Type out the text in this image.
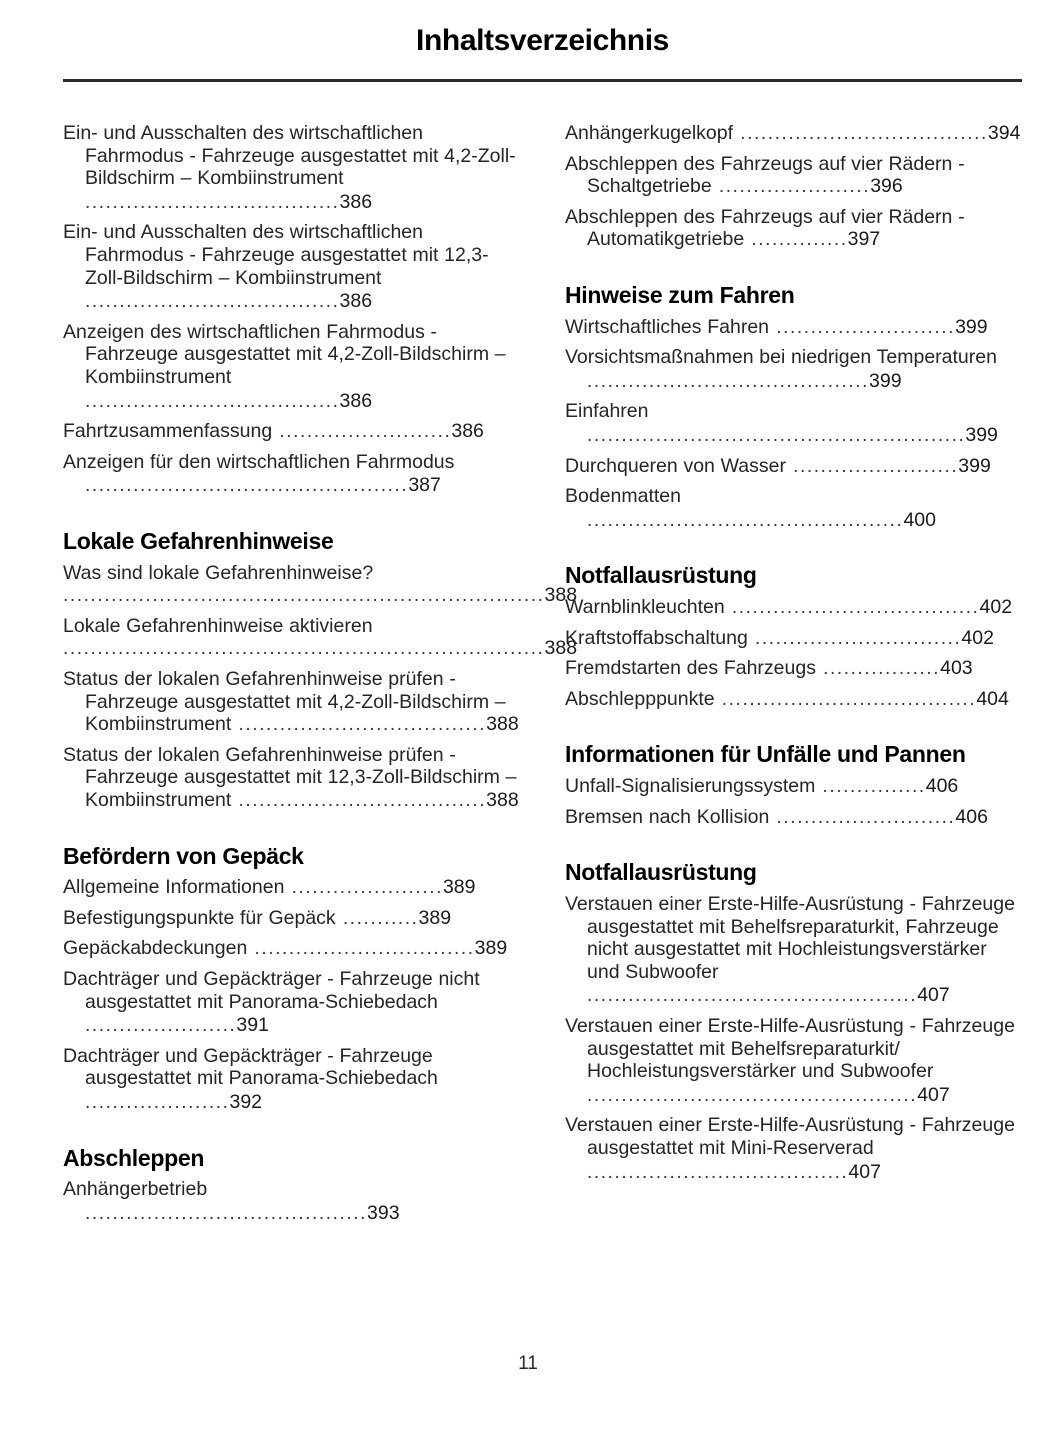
Inhaltsverzeichnis
Ein- und Ausschalten des wirtschaftlichen Fahrmodus - Fahrzeuge ausgestattet mit 4,2-Zoll-Bildschirm – Kombiinstrument .....................................386
Ein- und Ausschalten des wirtschaftlichen Fahrmodus - Fahrzeuge ausgestattet mit 12,3-Zoll-Bildschirm – Kombiinstrument .....................................386
Anzeigen des wirtschaftlichen Fahrmodus - Fahrzeuge ausgestattet mit 4,2-Zoll-Bildschirm – Kombiinstrument .....................................386
Fahrtzusammenfassung .........................386
Anzeigen für den wirtschaftlichen Fahrmodus ...............................................387
Lokale Gefahrenhinweise
Was sind lokale Gefahrenhinweise?
......................................................................388
Lokale Gefahrenhinweise aktivieren
......................................................................388
Status der lokalen Gefahrenhinweise prüfen - Fahrzeuge ausgestattet mit 4,2-Zoll-Bildschirm – Kombiinstrument ....................................388
Status der lokalen Gefahrenhinweise prüfen - Fahrzeuge ausgestattet mit 12,3-Zoll-Bildschirm – Kombiinstrument ....................................388
Befördern von Gepäck
Allgemeine Informationen ......................389
Befestigungspunkte für Gepäck ...........389
Gepäckabdeckungen ................................389
Dachträger und Gepäckträger - Fahrzeuge nicht ausgestattet mit Panorama-Schiebedach ......................391
Dachträger und Gepäckträger - Fahrzeuge ausgestattet mit Panorama-Schiebedach .....................392
Abschleppen
Anhängerbetrieb .........................................393
Anhängerkugelkopf ....................................394
Abschleppen des Fahrzeugs auf vier Rädern - Schaltgetriebe ......................396
Abschleppen des Fahrzeugs auf vier Rädern - Automatikgetriebe ..............397
Hinweise zum Fahren
Wirtschaftliches Fahren ..........................399
Vorsichtsmaßnahmen bei niedrigen Temperaturen .........................................399
Einfahren .......................................................399
Durchqueren von Wasser ........................399
Bodenmatten ..............................................400
Notfallausrüstung
Warnblinkleuchten ....................................402
Kraftstoffabschaltung ..............................402
Fremdstarten des Fahrzeugs .................403
Abschlepppunkte .....................................404
Informationen für Unfälle und Pannen
Unfall-Signalisierungssystem ...............406
Bremsen nach Kollision ..........................406
Notfallausrüstung
Verstauen einer Erste-Hilfe-Ausrüstung - Fahrzeuge ausgestattet mit Behelfsreparaturkit, Fahrzeuge nicht ausgestattet mit Hochleistungsverstärker und Subwoofer ................................................407
Verstauen einer Erste-Hilfe-Ausrüstung - Fahrzeuge ausgestattet mit Behelfsreparaturkit/ Hochleistungsverstärker und Subwoofer ................................................407
Verstauen einer Erste-Hilfe-Ausrüstung - Fahrzeuge ausgestattet mit Mini-Reserverad ......................................407
11
